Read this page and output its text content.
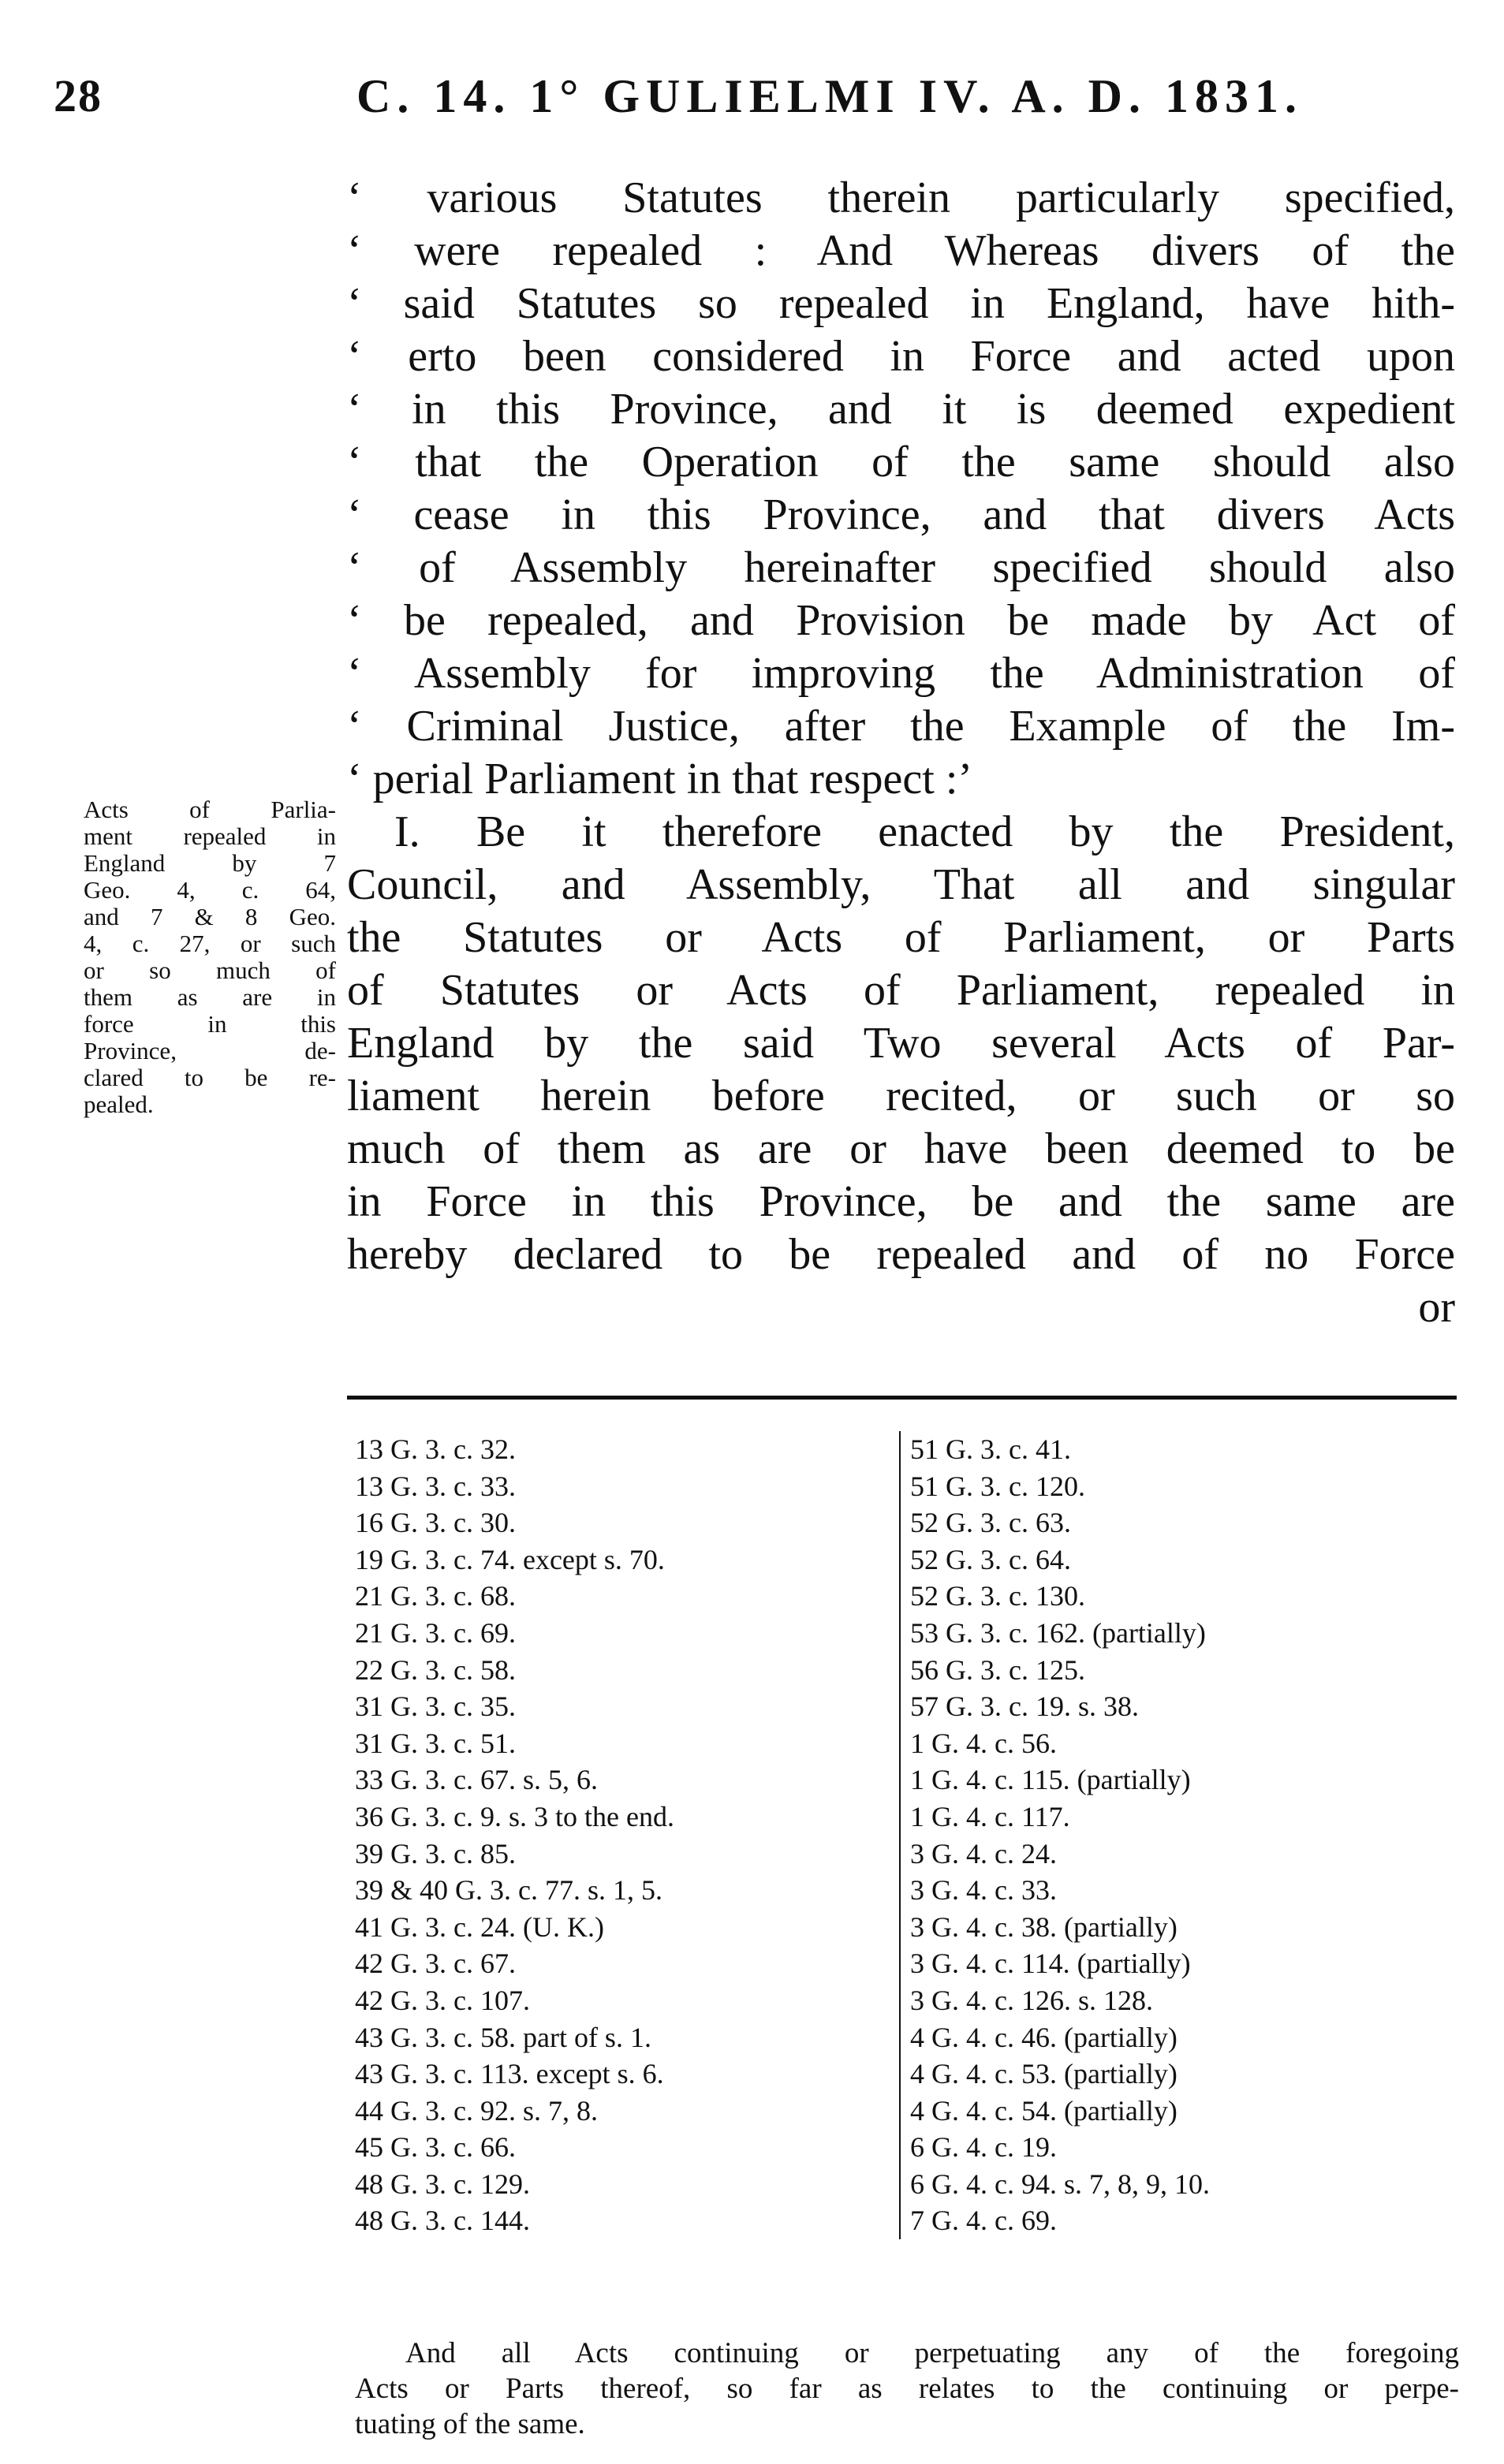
28	C. 14. 1° GULIELMI IV. A. D. 1831.
‘ various Statutes therein particularly specified,
‘ were repealed : And Whereas divers of the
‘ said Statutes so repealed in England, have hith-
‘ erto been considered in Force and acted upon
‘ in this Province, and it is deemed expedient
‘ that the Operation of the same should also
‘ cease in this Province, and that divers Acts
‘ of Assembly hereinafter specified should also
‘ be repealed, and Provision be made by Act of
‘ Assembly for improving the Administration of
‘ Criminal Justice, after the Example of the Im-
‘ perial Parliament in that respect :’
I. Be it therefore enacted by the President,
Council, and Assembly, That all and singular
the Statutes or Acts of Parliament, or Parts
of Statutes or Acts of Parliament, repealed in
England by the said Two several Acts of Par-
liament herein before recited, or such or so
much of them as are or have been deemed to be
in Force in this Province, be and the same are
hereby declared to be repealed and of no Force
or
Acts of Parlia-
ment repealed in
England by 7
Geo. 4, c. 64,
and 7 & 8 Geo.
4, c. 27, or such
or so much of
them as are in
force in this
Province, de-
clared to be re-
pealed.
13 G. 3. c. 32.
13 G. 3. c. 33.
16 G. 3. c. 30.
19 G. 3. c. 74. except s. 70.
21 G. 3. c. 68.
21 G. 3. c. 69.
22 G. 3. c. 58.
31 G. 3. c. 35.
31 G. 3. c. 51.
33 G. 3. c. 67. s. 5, 6.
36 G. 3. c. 9. s. 3 to the end.
39 G. 3. c. 85.
39 & 40 G. 3. c. 77. s. 1, 5.
41 G. 3. c. 24. (U. K.)
42 G. 3. c. 67.
42 G. 3. c. 107.
43 G. 3. c. 58. part of s. 1.
43 G. 3. c. 113. except s. 6.
44 G. 3. c. 92. s. 7, 8.
45 G. 3. c. 66.
48 G. 3. c. 129.
48 G. 3. c. 144.
51 G. 3. c. 41.
51 G. 3. c. 120.
52 G. 3. c. 63.
52 G. 3. c. 64.
52 G. 3. c. 130.
53 G. 3. c. 162. (partially)
56 G. 3. c. 125.
57 G. 3. c. 19. s. 38.
1 G. 4. c. 56.
1 G. 4. c. 115. (partially)
1 G. 4. c. 117.
3 G. 4. c. 24.
3 G. 4. c. 33.
3 G. 4. c. 38. (partially)
3 G. 4. c. 114. (partially)
3 G. 4. c. 126. s. 128.
4 G. 4. c. 46. (partially)
4 G. 4. c. 53. (partially)
4 G. 4. c. 54. (partially)
6 G. 4. c. 19.
6 G. 4. c. 94. s. 7, 8, 9, 10.
7 G. 4. c. 69.
And all Acts continuing or perpetuating any of the foregoing
Acts or Parts thereof, so far as relates to the continuing or perpe-
tuating of the same.
